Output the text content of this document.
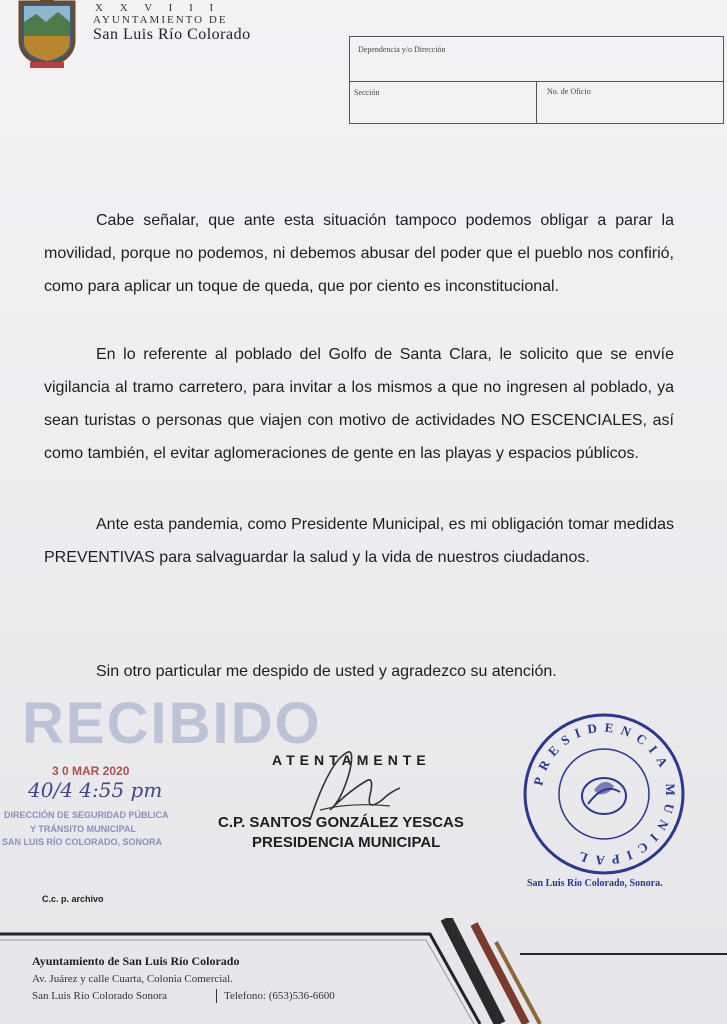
X X V I I I
AYUNTAMIENTO DE
San Luis Río Colorado
Dependencia y/o Dirección
Sección	No. de Oficio

Cabe señalar, que ante esta situación tampoco podemos obligar a parar la movilidad, porque no podemos, ni debemos abusar del poder que el pueblo nos confirió, como para aplicar un toque de queda, que por ciento es inconstitucional.

En lo referente al poblado del Golfo de Santa Clara, le solicito que se envíe vigilancia al tramo carretero, para invitar a los mismos a que no ingresen al poblado, ya sean turistas o personas que viajen con motivo de actividades NO ESCENCIALES, así como también, el evitar aglomeraciones de gente en las playas y espacios públicos.

Ante esta pandemia, como Presidente Municipal, es mi obligación tomar medidas PREVENTIVAS para salvaguardar la salud y la vida de nuestros ciudadanos.

Sin otro particular me despido de usted y agradezco su atención.
RECIBIDO
3 0 MAR 2020
40/4 4:55 pm
DIRECCIÓN DE SEGURIDAD PÚBLICA
Y TRÁNSITO MUNICIPAL
SAN LUIS RÍO COLORADO, SONORA
ATENTAMENTE
C.P. SANTOS GONZÁLEZ YESCAS
PRESIDENCIA MUNICIPAL
PRESIDENCIA MUNICIPAL
San Luis Río Colorado, Sonora.
C.c. p. archivo
Ayuntamiento de San Luis Río Colorado
Av. Juárez y calle Cuarta, Colonia Comercial.
San Luis Río Colorado Sonora	Telefono: (653)536-6600
